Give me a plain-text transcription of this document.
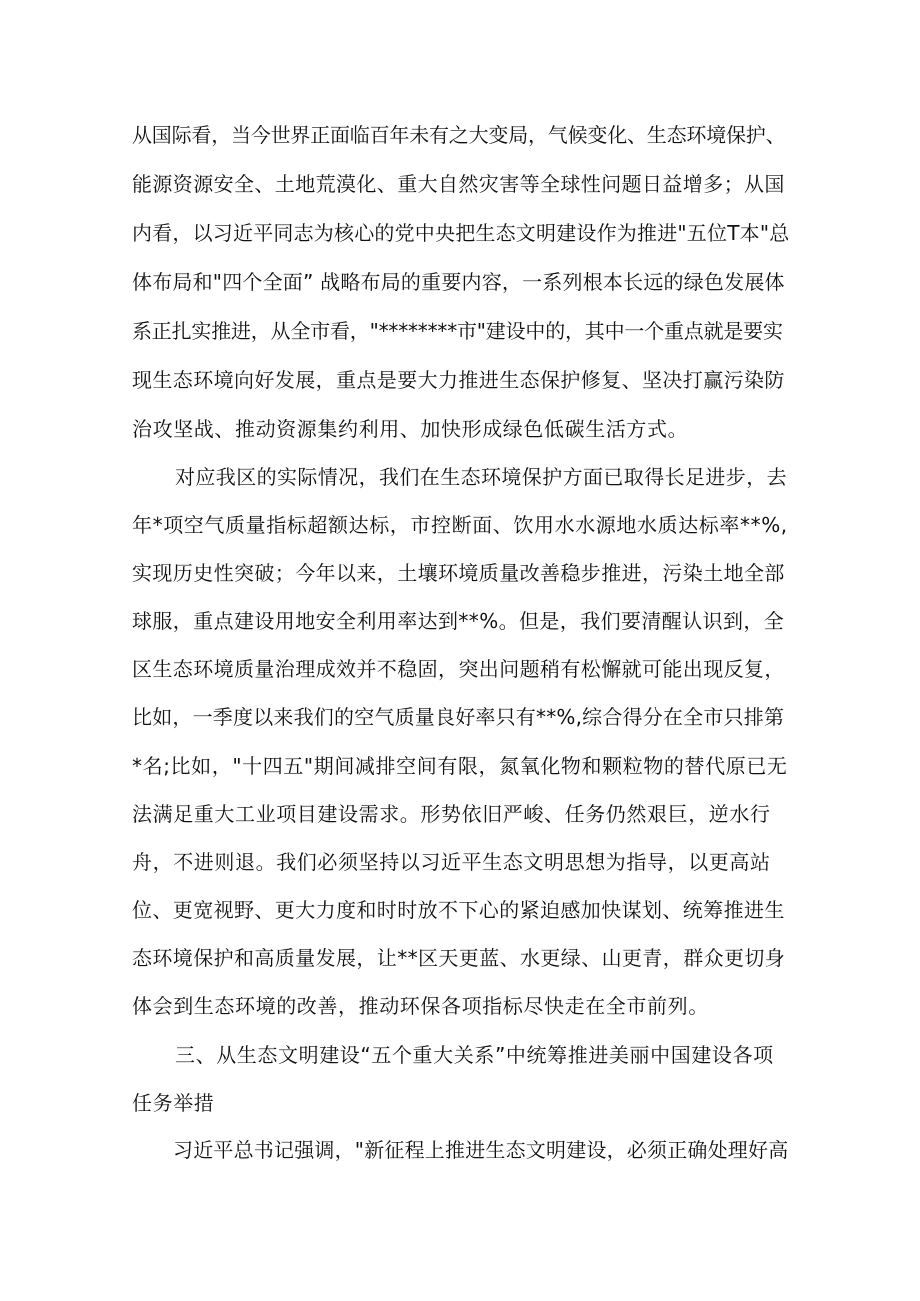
从国际看，当今世界正面临百年未有之大变局，气候变化、生态环境保护、
能源资源安全、土地荒漠化、重大自然灾害等全球性问题日益增多；从国
内看，以习近平同志为核心的党中央把生态文明建设作为推进"五位T本"总
体布局和"四个全面” 战略布局的重要内容，一系列根本长远的绿色发展体
系正扎实推进，从全市看，"********市"建设中的，其中一个重点就是要实
现生态环境向好发展，重点是要大力推进生态保护修复、坚决打赢污染防
治攻坚战、推动资源集约利用、加快形成绿色低碳生活方式。
对应我区的实际情况，我们在生态环境保护方面已取得长足进步，去
年*项空气质量指标超额达标，市控断面、饮用水水源地水质达标率**%,
实现历史性突破；今年以来，土壤环境质量改善稳步推进，污染土地全部
球服，重点建设用地安全利用率达到**%。但是，我们要清醒认识到，全
区生态环境质量治理成效并不稳固，突出问题稍有松懈就可能出现反复，
比如，一季度以来我们的空气质量良好率只有**%,综合得分在全市只排第
*名;比如，"十四五"期间减排空间有限，氮氧化物和颗粒物的替代原已无
法满足重大工业项目建设需求。形势依旧严峻、任务仍然艰巨，逆水行
舟，不进则退。我们必须坚持以习近平生态文明思想为指导，以更高站
位、更宽视野、更大力度和时时放不下心的紧迫感加快谋划、统筹推进生
态环境保护和高质量发展，让**区天更蓝、水更绿、山更青，群众更切身
体会到生态环境的改善，推动环保各项指标尽快走在全市前列。
三、从生态文明建设“五个重大关系”中统筹推进美丽中国建设各项
任务举措
习近平总书记强调，"新征程上推进生态文明建设，必须正确处理好高
